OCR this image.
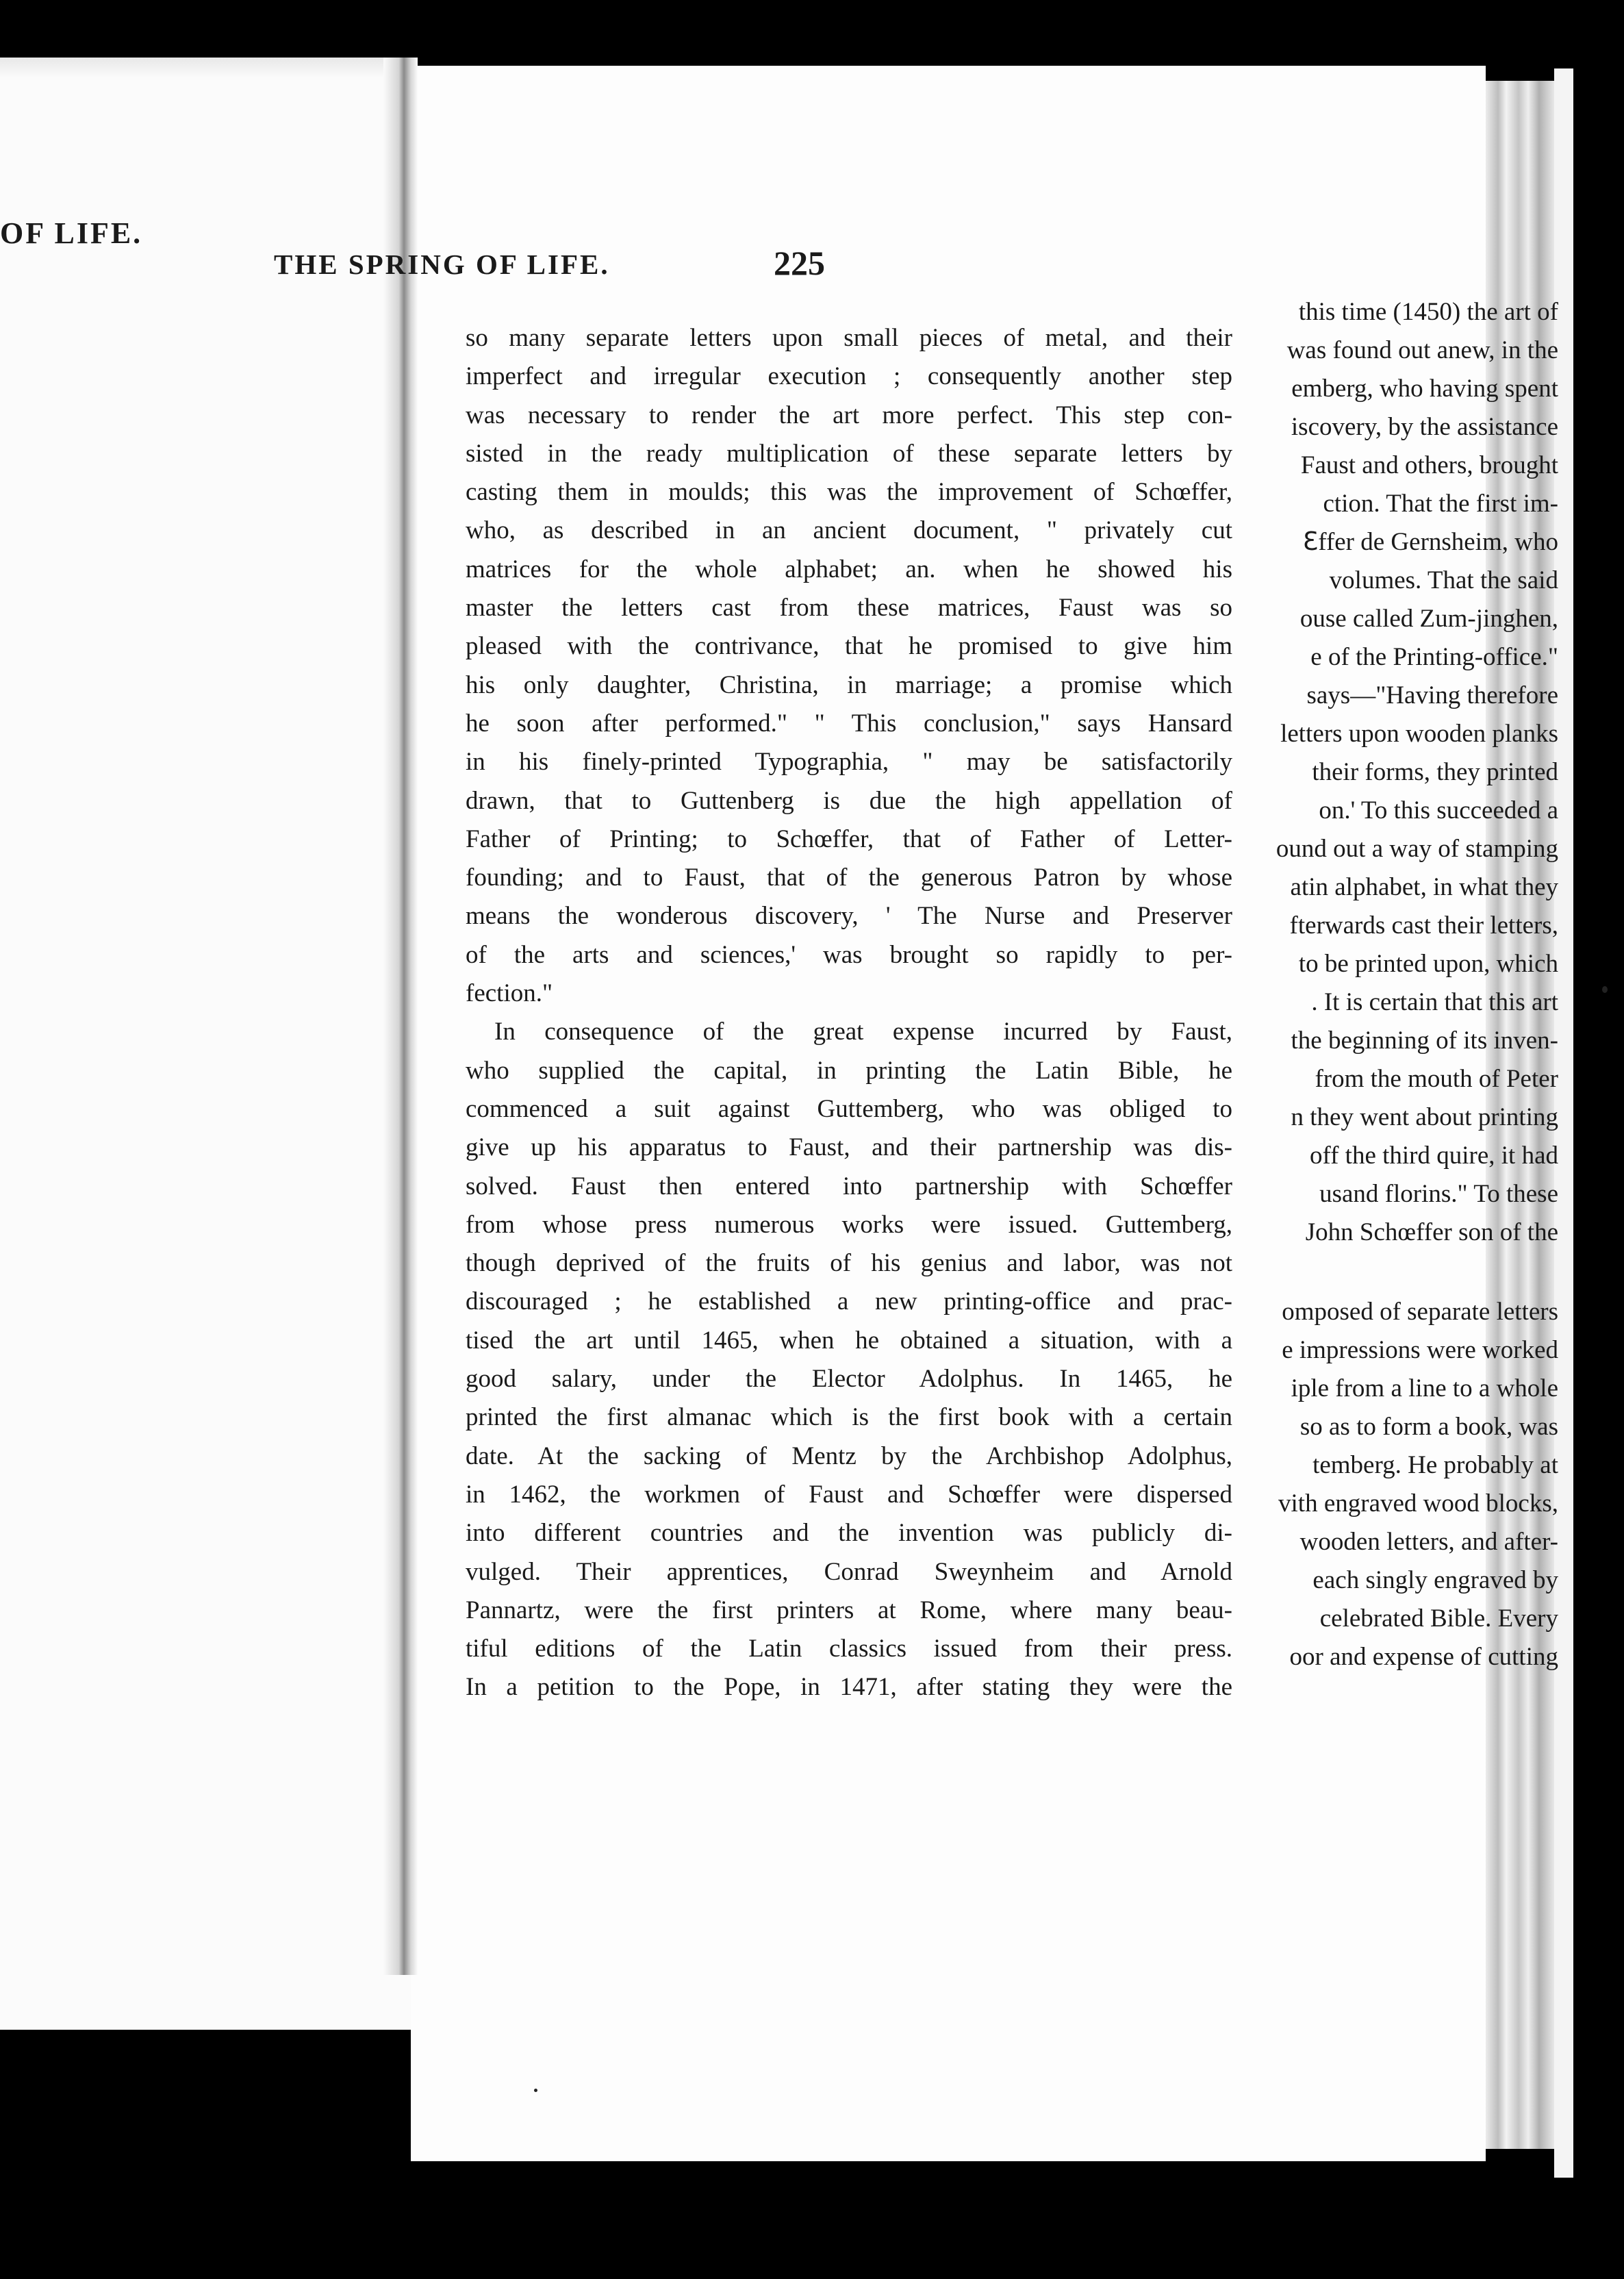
OF LIFE.
this time (1450) the art of
was found out anew, in the
emberg, who having spent
iscovery, by the assistance
Faust and others, brought
ction. That the first im-
ℇffer de Gernsheim, who
volumes. That the said
ouse called Zum-jinghen,
e of the Printing-office."
says—"Having therefore
letters upon wooden planks
their forms, they printed
on.' To this succeeded a
ound out a way of stamping
atin alphabet, in what they
fterwards cast their letters,
to be printed upon, which
. It is certain that this art
the beginning of its inven-
from the mouth of Peter
n they went about printing
off the third quire, it had
usand florins." To these
John Schœffer son of the
omposed of separate letters
e impressions were worked
iple from a line to a whole
so as to form a book, was
temberg. He probably at
vith engraved wood blocks,
wooden letters, and after-
each singly engraved by
celebrated Bible. Every
oor and expense of cutting
THE SPRING OF LIFE.	225
so many separate letters upon small pieces of metal, and their
imperfect and irregular execution ; consequently another step
was necessary to render the art more perfect. This step con-
sisted in the ready multiplication of these separate letters by
casting them in moulds; this was the improvement of Schœffer,
who, as described in an ancient document, " privately cut
matrices for the whole alphabet; an. when he showed his
master the letters cast from these matrices, Faust was so
pleased with the contrivance, that he promised to give him
his only daughter, Christina, in marriage; a promise which
he soon after performed." " This conclusion," says Hansard
in his finely-printed Typographia, " may be satisfactorily
drawn, that to Guttenberg is due the high appellation of
Father of Printing; to Schœffer, that of Father of Letter-
founding; and to Faust, that of the generous Patron by whose
means the wonderous discovery, ' The Nurse and Preserver
of the arts and sciences,' was brought so rapidly to per-
fection."
In consequence of the great expense incurred by Faust,
who supplied the capital, in printing the Latin Bible, he
commenced a suit against Guttemberg, who was obliged to
give up his apparatus to Faust, and their partnership was dis-
solved. Faust then entered into partnership with Schœffer
from whose press numerous works were issued. Guttemberg,
though deprived of the fruits of his genius and labor, was not
discouraged ; he established a new printing-office and prac-
tised the art until 1465, when he obtained a situation, with a
good salary, under the Elector Adolphus. In 1465, he
printed the first almanac which is the first book with a certain
date. At the sacking of Mentz by the Archbishop Adolphus,
in 1462, the workmen of Faust and Schœffer were dispersed
into different countries and the invention was publicly di-
vulged. Their apprentices, Conrad Sweynheim and Arnold
Pannartz, were the first printers at Rome, where many beau-
tiful editions of the Latin classics issued from their press.
In a petition to the Pope, in 1471, after stating they were the
